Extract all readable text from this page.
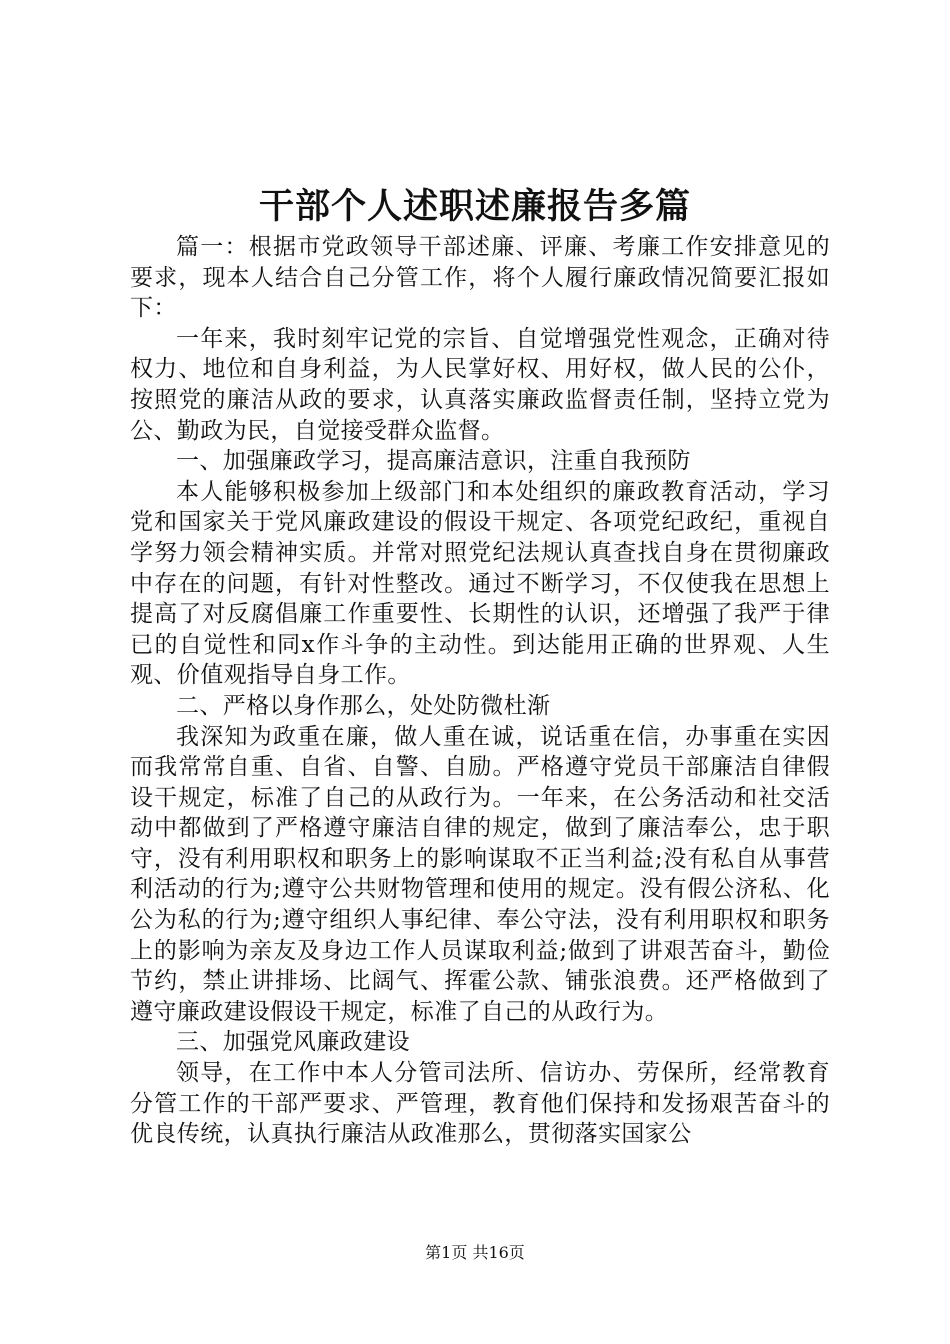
干部个人述职述廉报告多篇

篇一：根据市党政领导干部述廉、评廉、考廉工作安排意见的要求，现本人结合自己分管工作，将个人履行廉政情况简要汇报如下：

一年来，我时刻牢记党的宗旨、自觉增强党性观念，正确对待权力、地位和自身利益，为人民掌好权、用好权，做人民的公仆，按照党的廉洁从政的要求，认真落实廉政监督责任制，坚持立党为公、勤政为民，自觉接受群众监督。

一、加强廉政学习，提高廉洁意识，注重自我预防

本人能够积极参加上级部门和本处组织的廉政教育活动，学习党和国家关于党风廉政建设的假设干规定、各项党纪政纪，重视自学努力领会精神实质。并常对照党纪法规认真查找自身在贯彻廉政中存在的问题，有针对性整改。通过不断学习，不仅使我在思想上提高了对反腐倡廉工作重要性、长期性的认识，还增强了我严于律已的自觉性和同x作斗争的主动性。到达能用正确的世界观、人生观、价值观指导自身工作。

二、严格以身作那么，处处防微杜渐

我深知为政重在廉，做人重在诚，说话重在信，办事重在实因而我常常自重、自省、自警、自励。严格遵守党员干部廉洁自律假设干规定，标准了自己的从政行为。一年来，在公务活动和社交活动中都做到了严格遵守廉洁自律的规定，做到了廉洁奉公，忠于职守，没有利用职权和职务上的影响谋取不正当利益;没有私自从事营利活动的行为;遵守公共财物管理和使用的规定。没有假公济私、化公为私的行为;遵守组织人事纪律、奉公守法，没有利用职权和职务上的影响为亲友及身边工作人员谋取利益;做到了讲艰苦奋斗，勤俭节约，禁止讲排场、比阔气、挥霍公款、铺张浪费。还严格做到了遵守廉政建设假设干规定，标准了自己的从政行为。

三、加强党风廉政建设

领导，在工作中本人分管司法所、信访办、劳保所，经常教育分管工作的干部严要求、严管理，教育他们保持和发扬艰苦奋斗的优良传统，认真执行廉洁从政准那么，贯彻落实国家公

第1页 共16页
